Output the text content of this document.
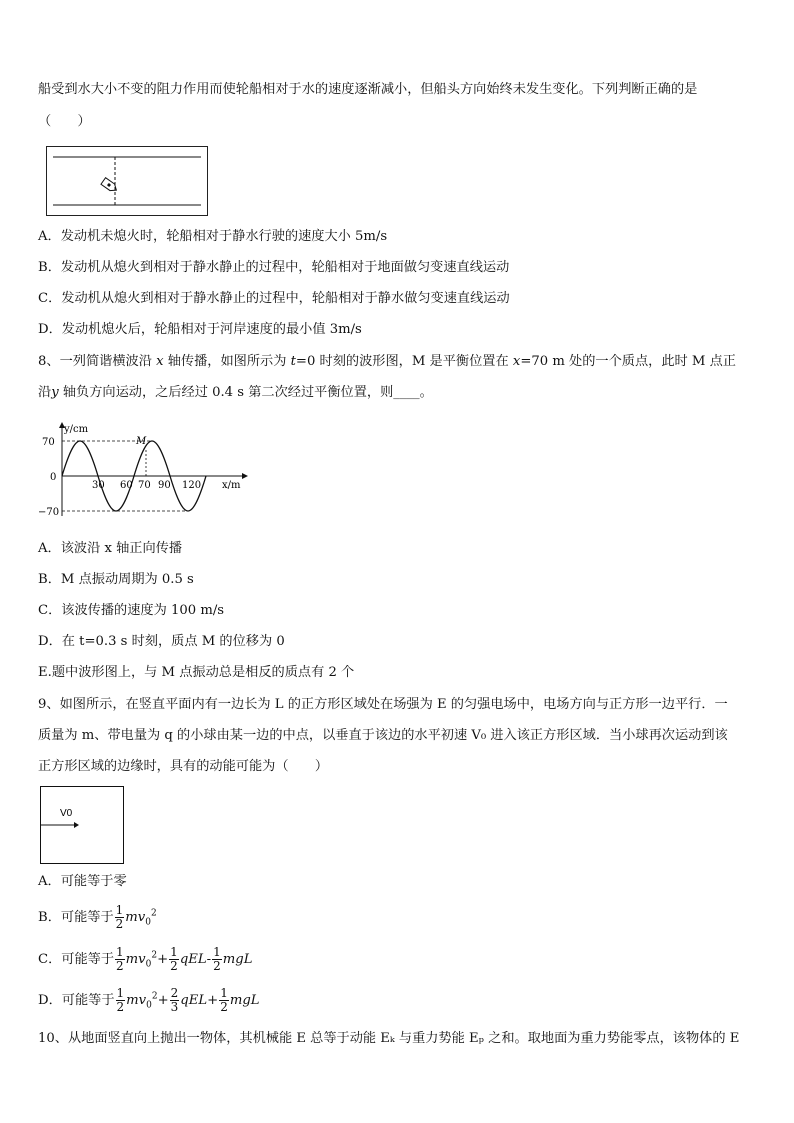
船受到水大小不变的阻力作用而使轮船相对于水的速度逐渐减小，但船头方向始终未发生变化。下列判断正确的是
（　　）
A．发动机未熄火时，轮船相对于静水行驶的速度大小 5m/s
B．发动机从熄火到相对于静水静止的过程中，轮船相对于地面做匀变速直线运动
C．发动机从熄火到相对于静水静止的过程中，轮船相对于静水做匀变速直线运动
D．发动机熄火后，轮船相对于河岸速度的最小值 3m/s
8、一列简谐横波沿 x 轴传播，如图所示为 t=0 时刻的波形图，M 是平衡位置在 x=70 m 处的一个质点，此时 M 点正
沿y 轴负方向运动，之后经过 0.4 s 第二次经过平衡位置，则____。
y/cm
x/m
70
0
−70
30 60 70 90 120
M
A．该波沿 x 轴正向传播
B．M 点振动周期为 0.5 s
C．该波传播的速度为 100 m/s
D．在 t=0.3 s 时刻，质点 M 的位移为 0
E.题中波形图上，与 M 点振动总是相反的质点有 2 个
9、如图所示，在竖直平面内有一边长为 L 的正方形区域处在场强为 E 的匀强电场中，电场方向与正方形一边平行．一
质量为 m、带电量为 q 的小球由某一边的中点，以垂直于该边的水平初速 V₀ 进入该正方形区域．当小球再次运动到该
正方形区域的边缘时，具有的动能可能为（　　）
V0
A．可能等于零
B．可能等于 $\frac{1}{2} mv_0^2$
C．可能等于 $\frac{1}{2} mv_0^2+ \frac{1}{2} qEL- \frac{1}{2}$ mgL
D．可能等于 $\frac{1}{2} mv_0^2+ \frac{2}{3} qEL+ \frac{1}{2}$ mgL
10、从地面竖直向上抛出一物体，其机械能 E 总等于动能 Eₖ 与重力势能 Eₚ 之和。取地面为重力势能零点，该物体的 E
